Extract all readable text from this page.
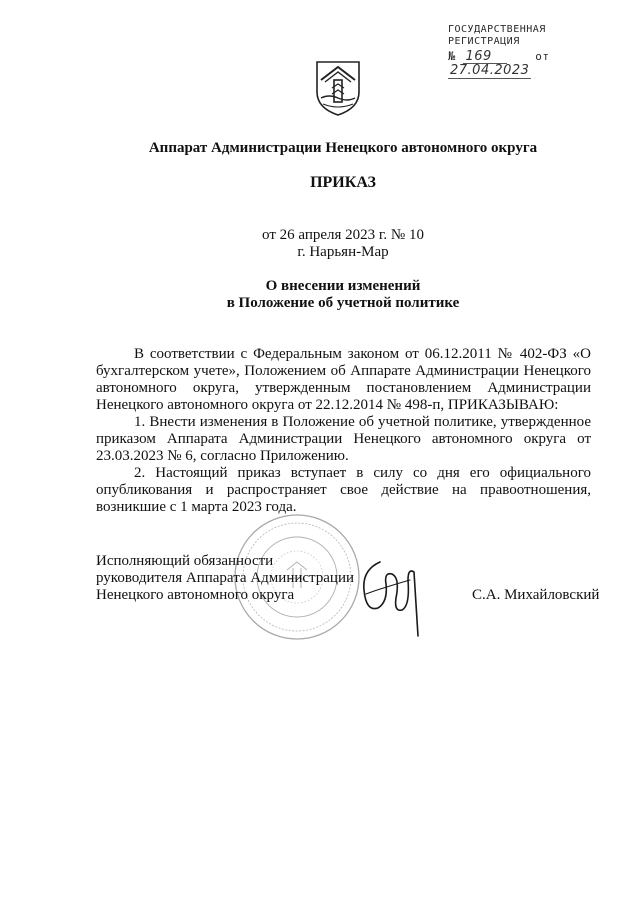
ГОСУДАРСТВЕННАЯ
РЕГИСТРАЦИЯ
№ 169	от 27.04.2023
Аппарат Администрации Ненецкого автономного округа
ПРИКАЗ
от 26 апреля 2023 г. № 10
г. Нарьян-Мар
О внесении изменений
в Положение об учетной политике

В соответствии с Федеральным законом от 06.12.2011 № 402-ФЗ «О бухгалтерском учете», Положением об Аппарате Администрации Ненецкого автономного округа, утвержденным постановлением Администрации Ненецкого автономного округа от 22.12.2014 № 498-п, ПРИКАЗЫВАЮ:

1. Внести изменения в Положение об учетной политике, утвержденное приказом Аппарата Администрации Ненецкого автономного округа от 23.03.2023 № 6, согласно Приложению.

2. Настоящий приказ вступает в силу со дня его официального опубликования и распространяет свое действие на правоотношения, возникшие с 1 марта 2023 года.

Исполняющий обязанности
руководителя Аппарата Администрации
Ненецкого автономного округа	С.А. Михайловский
